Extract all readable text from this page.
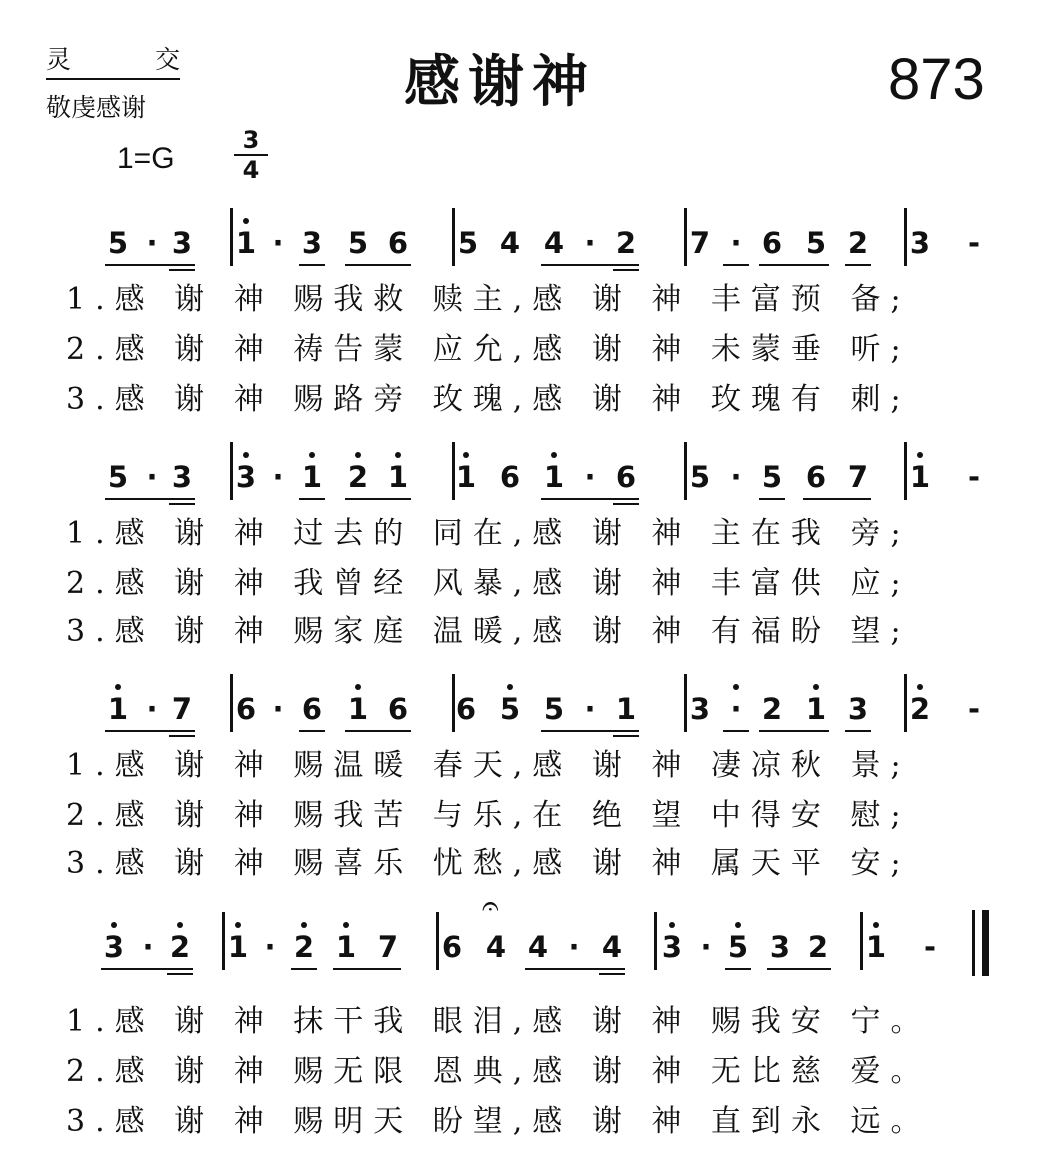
灵	交
敬虔感谢	感谢神	873
1=G
3
4
5 · 3 1 · 3 5 6 5 4 4 · 2 7 · 6 5 2 3 -
1.感 谢 神 赐我救 赎主,感 谢 神 丰富预 备;
2.感 谢 神 祷告蒙 应允,感 谢 神 未蒙垂 听;
3.感 谢 神 赐路旁 玫瑰,感 谢 神 玫瑰有 刺;
5 · 3 3 · 1 2 1 1 6 1 · 6 5 · 5 6 7 1 -
1.感 谢 神 过去的 同在,感 谢 神 主在我 旁;
2.感 谢 神 我曾经 风暴,感 谢 神 丰富供 应;
3.感 谢 神 赐家庭 温暖,感 谢 神 有福盼 望;
1 · 7 6 · 6 1 6 6 5 5 · 1 3 · 2 1 3 2 -
1.感 谢 神 赐温暖 春天,感 谢 神 凄凉秋 景;
2.感 谢 神 赐我苦 与乐,在 绝 望 中得安 慰;
3.感 谢 神 赐喜乐 忧愁,感 谢 神 属天平 安;
3 · 2 1 · 2 1 7 6 4 4 · 4 3 · 5 3 2 1 -
𝄐
1.感 谢 神 抹干我 眼泪,感 谢 神 赐我安 宁。
2.感 谢 神 赐无限 恩典,感 谢 神 无比慈 爱。
3.感 谢 神 赐明天 盼望,感 谢 神 直到永 远。
